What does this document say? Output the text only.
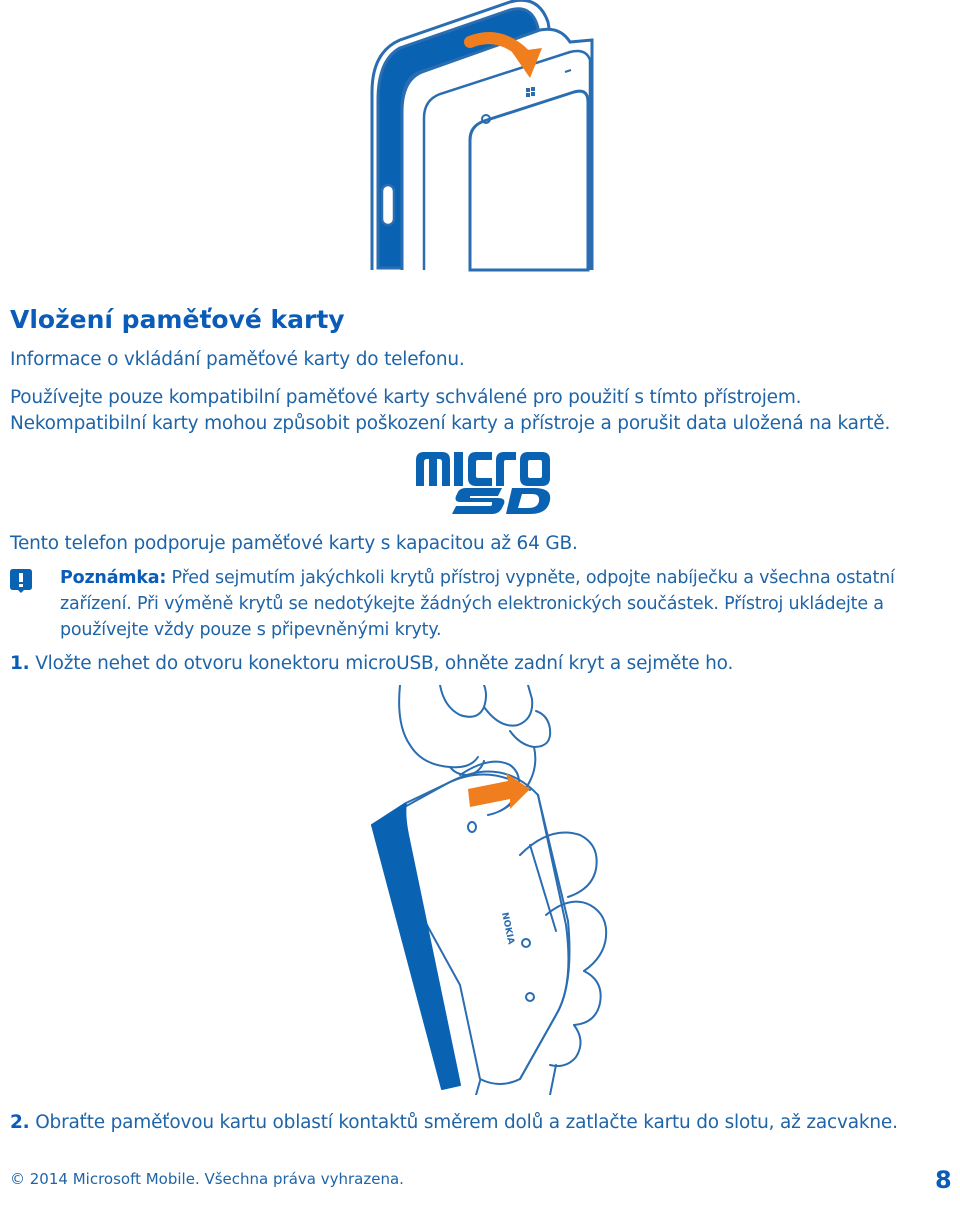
Vložení paměťové karty
Informace o vkládání paměťové karty do telefonu.
Používejte pouze kompatibilní paměťové karty schválené pro použití s tímto přístrojem.
Nekompatibilní karty mohou způsobit poškození karty a přístroje a porušit data uložená na kartě.
Tento telefon podporuje paměťové karty s kapacitou až 64 GB.
Poznámka: Před sejmutím jakýchkoli krytů přístroj vypněte, odpojte nabíječku a všechna ostatní zařízení. Při výměně krytů se nedotýkejte žádných elektronických součástek. Přístroj ukládejte a používejte vždy pouze s připevněnými kryty.
1. Vložte nehet do otvoru konektoru microUSB, ohněte zadní kryt a sejměte ho.
NOKIA
2. Obraťte paměťovou kartu oblastí kontaktů směrem dolů a zatlačte kartu do slotu, až zacvakne.
© 2014 Microsoft Mobile. Všechna práva vyhrazena.	8
